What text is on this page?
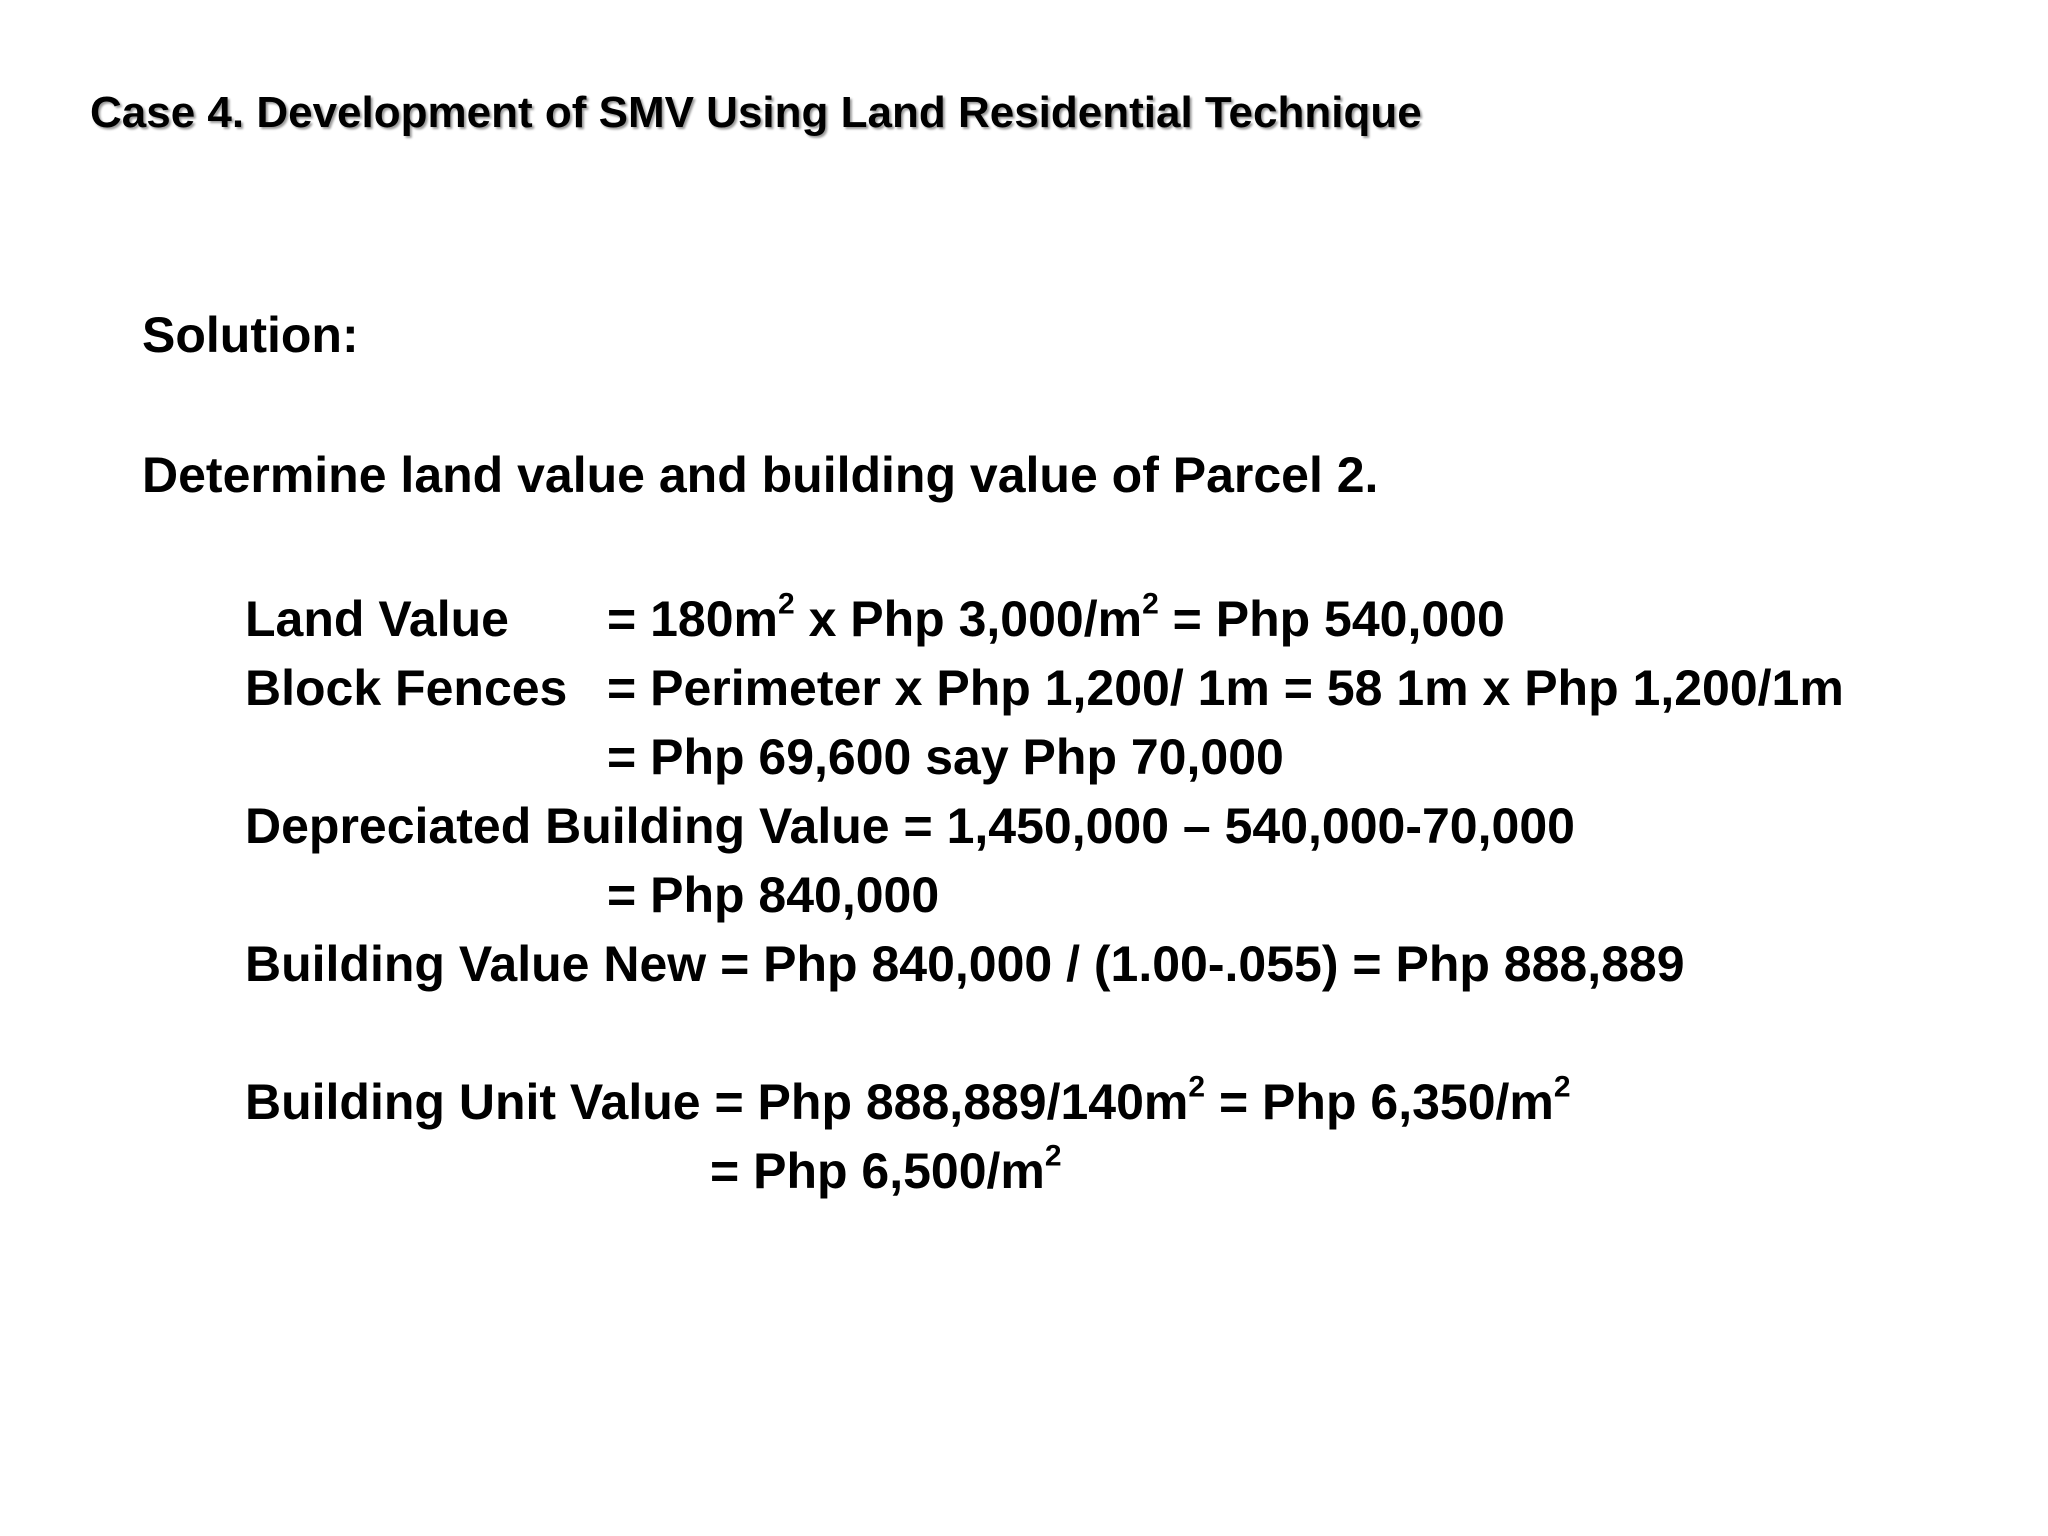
Case 4. Development of SMV Using Land Residential Technique
Solution:
Determine land value and building value of Parcel 2.
Land Value = $180m^2$ x Php $3,000/m^2$ = Php 540,000
Block Fences = Perimeter x Php 1,200/ 1m = 58 1m x Php 1,200/1m
= Php 69,600 say Php 70,000
Depreciated Building Value = 1,450,000 – 540,000-70,000
= Php 840,000
Building Value New = Php 840,000 / (1.00-.055) = Php 888,889
Building Unit Value = Php $888,889/140m^2$ = Php $6,350/m^2$
= Php $6,500/m^2$
